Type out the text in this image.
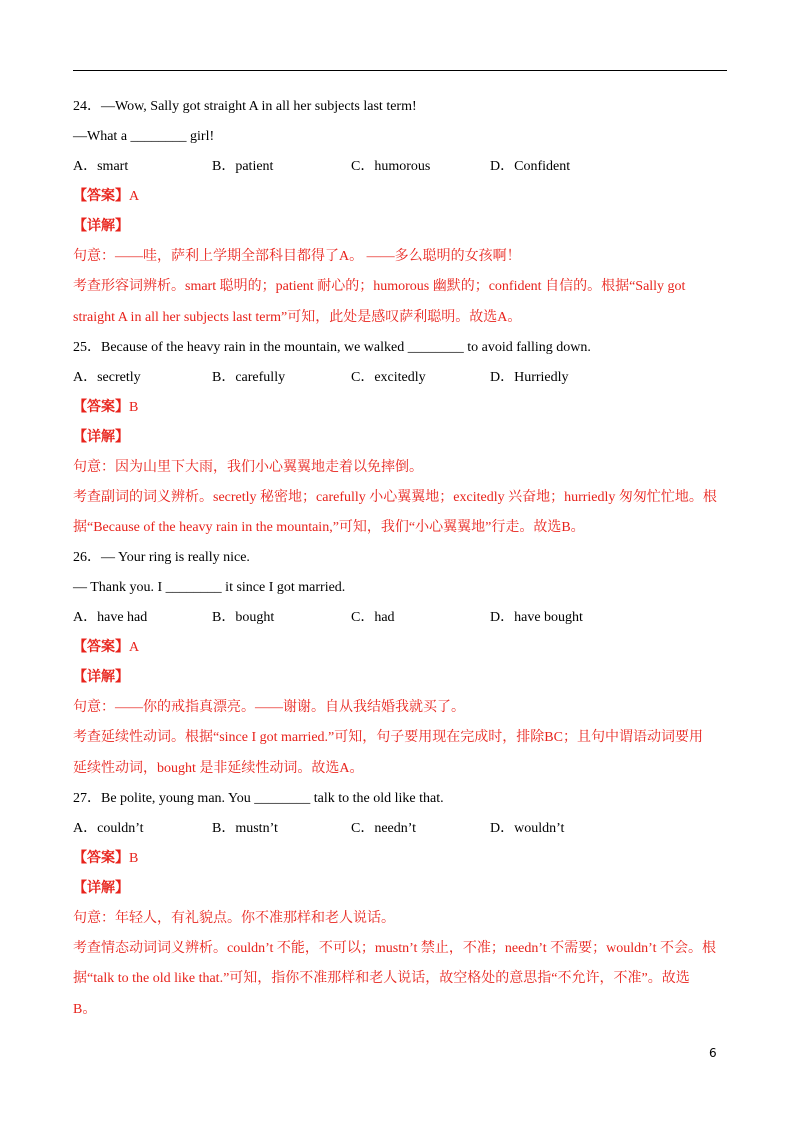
24．—Wow, Sally got straight A in all her subjects last term!
—What a ________ girl!
A．smart	B．patient	C．humorous	D．Confident
【答案】A
【详解】
句意：——哇，萨利上学期全部科目都得了A。 ——多么聪明的女孩啊！
考查形容词辨析。smart 聪明的；patient 耐心的；humorous 幽默的；confident 自信的。根据“Sally got
straight A in all her subjects last term”可知，此处是感叹萨利聪明。故选A。
25．Because of the heavy rain in the mountain, we walked ________ to avoid falling down.
A．secretly	B．carefully	C．excitedly	D．Hurriedly
【答案】B
【详解】
句意：因为山里下大雨，我们小心翼翼地走着以免摔倒。
考查副词的词义辨析。secretly 秘密地；carefully 小心翼翼地；excitedly 兴奋地；hurriedly 匆匆忙忙地。根
据“Because of the heavy rain in the mountain,”可知，我们“小心翼翼地”行走。故选B。
26．— Your ring is really nice.
— Thank you. I ________ it since I got married.
A．have had	B．bought	C．had	D．have bought
【答案】A
【详解】
句意：——你的戒指真漂亮。——谢谢。自从我结婚我就买了。
考查延续性动词。根据“since I got married.”可知，句子要用现在完成时，排除BC；且句中谓语动词要用
延续性动词，bought 是非延续性动词。故选A。
27．Be polite, young man. You ________ talk to the old like that.
A．couldn’t	B．mustn’t	C．needn’t	D．wouldn’t
【答案】B
【详解】
句意：年轻人，有礼貌点。你不准那样和老人说话。
考查情态动词词义辨析。couldn’t 不能，不可以；mustn’t 禁止，不准；needn’t 不需要；wouldn’t 不会。根
据“talk to the old like that.”可知，指你不准那样和老人说话，故空格处的意思指“不允许，不准”。故选
B。
6
